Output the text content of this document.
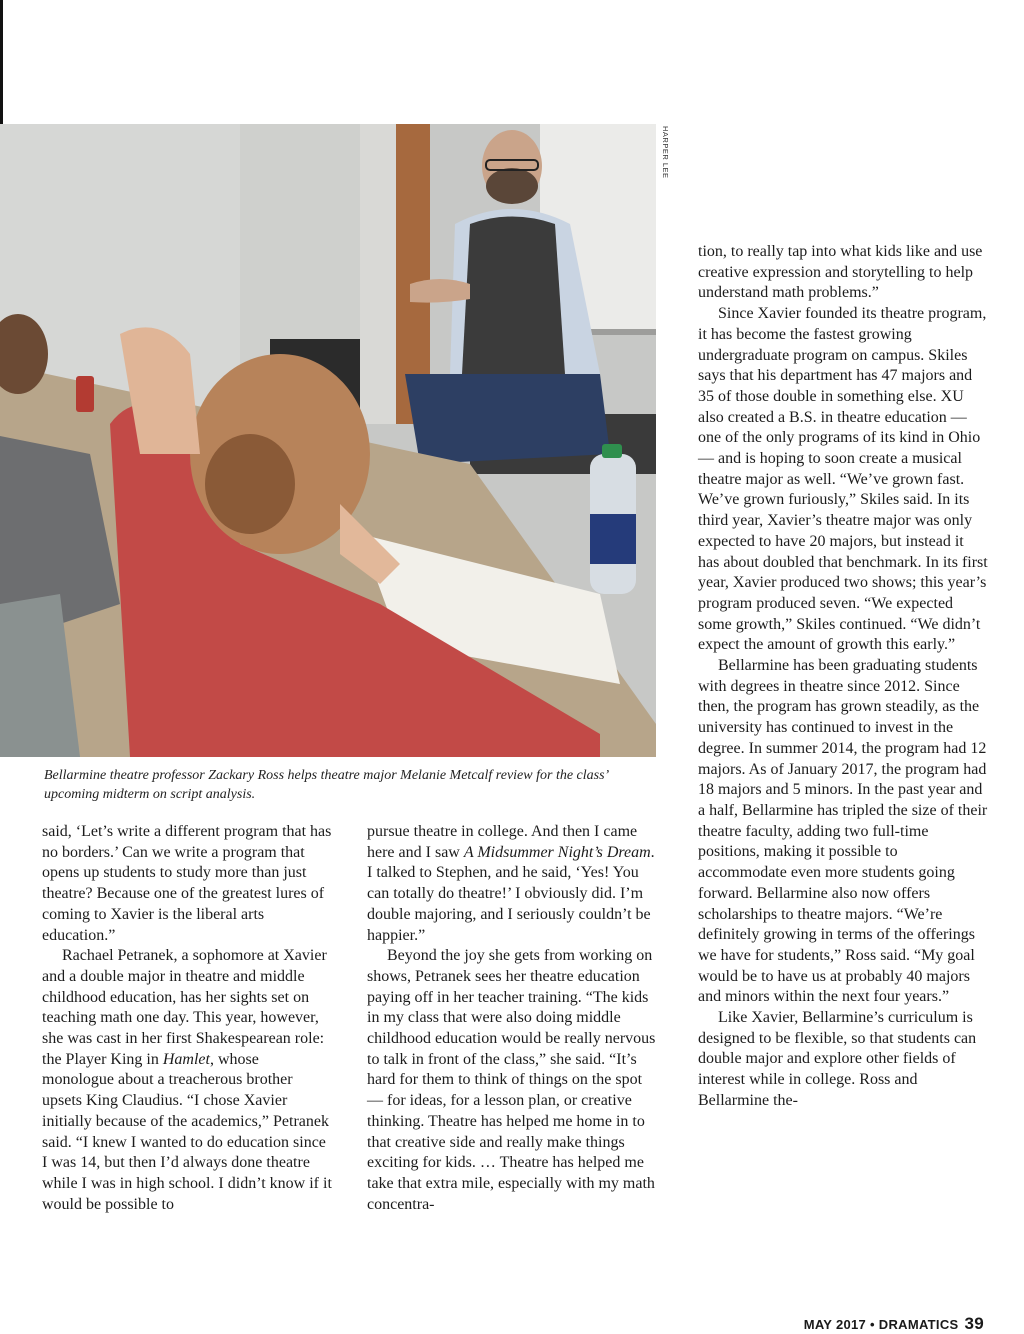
HARPER LEE
Bellarmine theatre professor Zackary Ross helps theatre major Melanie Metcalf review for the class’ upcoming midterm on script analysis.

said, ‘Let’s write a different program that has no borders.’ Can we write a program that opens up students to study more than just theatre? Because one of the greatest lures of coming to Xavier is the liberal arts education.”

Rachael Petranek, a sophomore at Xavier and a double major in theatre and middle childhood education, has her sights set on teaching math one day. This year, however, she was cast in her first Shakespearean role: the Player King in Hamlet, whose monologue about a treacherous brother upsets King Claudius. “I chose Xavier initially because of the academics,” Petranek said. “I knew I wanted to do education since I was 14, but then I’d always done theatre while I was in high school. I didn’t know if it would be possible to

pursue theatre in college. And then I came here and I saw A Midsummer Night’s Dream. I talked to Stephen, and he said, ‘Yes! You can totally do theatre!’ I obviously did. I’m double majoring, and I seriously couldn’t be happier.”

Beyond the joy she gets from working on shows, Petranek sees her theatre education paying off in her teacher training. “The kids in my class that were also doing middle childhood education would be really nervous to talk in front of the class,” she said. “It’s hard for them to think of things on the spot — for ideas, for a lesson plan, or creative thinking. Theatre has helped me home in to that creative side and really make things exciting for kids. … Theatre has helped me take that extra mile, especially with my math concentra-

tion, to really tap into what kids like and use creative expression and storytelling to help understand math problems.”

Since Xavier founded its theatre program, it has become the fastest growing undergraduate program on campus. Skiles says that his department has 47 majors and 35 of those double in something else. XU also created a B.S. in theatre education — one of the only programs of its kind in Ohio — and is hoping to soon create a musical theatre major as well. “We’ve grown fast. We’ve grown furiously,” Skiles said. In its third year, Xavier’s theatre major was only expected to have 20 majors, but instead it has about doubled that benchmark. In its first year, Xavier produced two shows; this year’s program produced seven. “We expected some growth,” Skiles continued. “We didn’t expect the amount of growth this early.”

Bellarmine has been graduating students with degrees in theatre since 2012. Since then, the program has grown steadily, as the university has continued to invest in the degree. In summer 2014, the program had 12 majors. As of January 2017, the program had 18 majors and 5 minors. In the past year and a half, Bellarmine has tripled the size of their theatre faculty, adding two full-time positions, making it possible to accommodate even more students going forward. Bellarmine also now offers scholarships to theatre majors. “We’re definitely growing in terms of the offerings we have for students,” Ross said. “My goal would be to have us at probably 40 majors and minors within the next four years.”

Like Xavier, Bellarmine’s curriculum is designed to be flexible, so that students can double major and explore other fields of interest while in college. Ross and Bellarmine the-

MAY 2017 • DRAMATICS 39
